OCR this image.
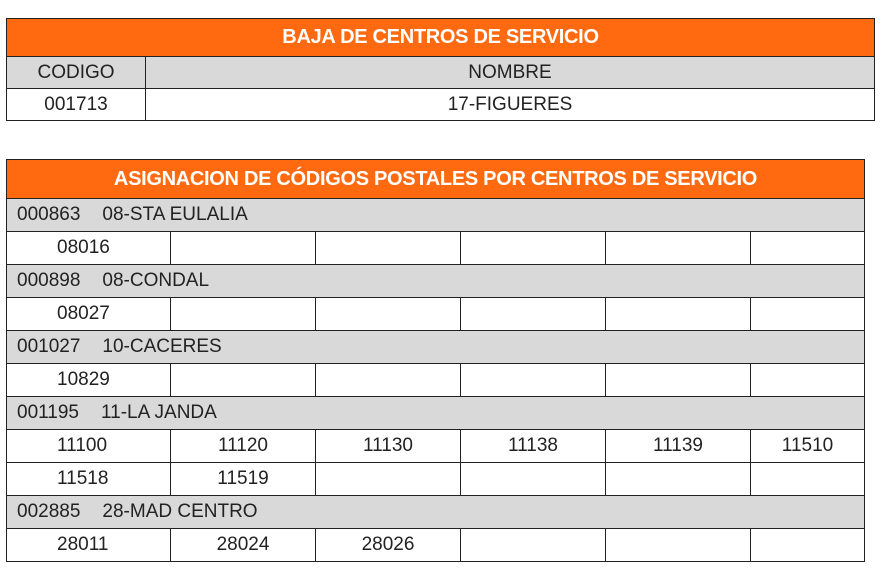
BAJA DE CENTROS DE SERVICIO	
CODIGO	NOMBRE
001713	17-FIGUERES
ASIGNACION DE CÓDIGOS POSTALES POR CENTROS DE SERVICIO					
000863 08-STA EULALIA					
08016					
000898 08-CONDAL					
08027					
001027 10-CACERES					
10829					
001195 11-LA JANDA					
11100	11120	11130	11138	11139	11510
11518	11519				
002885 28-MAD CENTRO					
28011	28024	28026			
